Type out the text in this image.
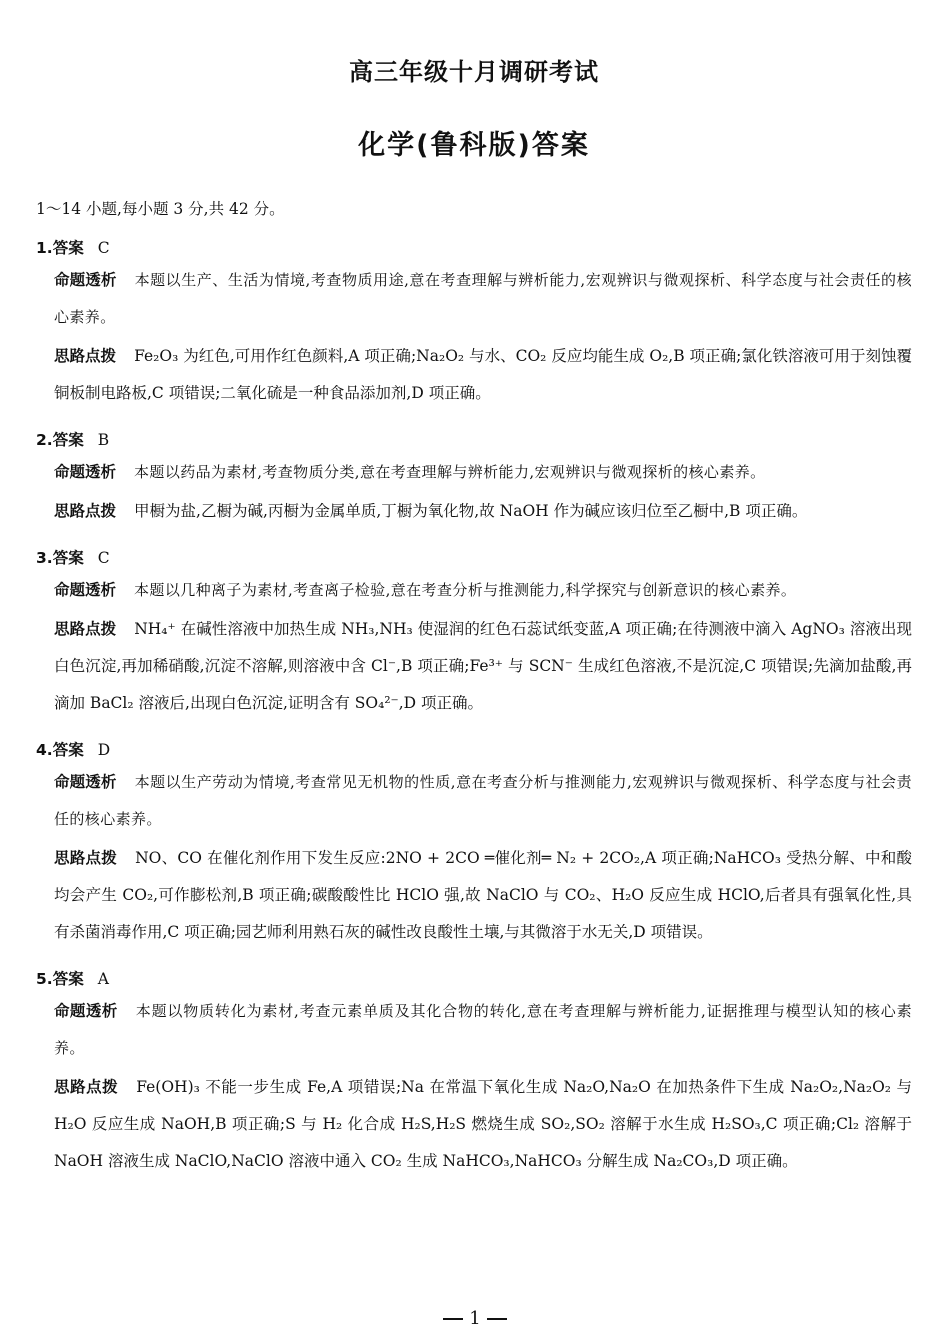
高三年级十月调研考试
化学(鲁科版)答案
1～14 小题,每小题 3 分,共 42 分。
1.答案 C
命题透析 本题以生产、生活为情境,考查物质用途,意在考查理解与辨析能力,宏观辨识与微观探析、科学态度与社会责任的核心素养。
思路点拨 Fe₂O₃ 为红色,可用作红色颜料,A 项正确;Na₂O₂ 与水、CO₂ 反应均能生成 O₂,B 项正确;氯化铁溶液可用于刻蚀覆铜板制电路板,C 项错误;二氧化硫是一种食品添加剂,D 项正确。
2.答案 B
命题透析 本题以药品为素材,考查物质分类,意在考查理解与辨析能力,宏观辨识与微观探析的核心素养。
思路点拨 甲橱为盐,乙橱为碱,丙橱为金属单质,丁橱为氧化物,故 NaOH 作为碱应该归位至乙橱中,B 项正确。
3.答案 C
命题透析 本题以几种离子为素材,考查离子检验,意在考查分析与推测能力,科学探究与创新意识的核心素养。
思路点拨 NH₄⁺ 在碱性溶液中加热生成 NH₃,NH₃ 使湿润的红色石蕊试纸变蓝,A 项正确;在待测液中滴入 AgNO₃ 溶液出现白色沉淀,再加稀硝酸,沉淀不溶解,则溶液中含 Cl⁻,B 项正确;Fe³⁺ 与 SCN⁻ 生成红色溶液,不是沉淀,C 项错误;先滴加盐酸,再滴加 BaCl₂ 溶液后,出现白色沉淀,证明含有 SO₄²⁻,D 项正确。
4.答案 D
命题透析 本题以生产劳动为情境,考查常见无机物的性质,意在考查分析与推测能力,宏观辨识与微观探析、科学态度与社会责任的核心素养。
思路点拨 NO、CO 在催化剂作用下发生反应:2NO + 2CO ═催化剂═ N₂ + 2CO₂,A 项正确;NaHCO₃ 受热分解、中和酸均会产生 CO₂,可作膨松剂,B 项正确;碳酸酸性比 HClO 强,故 NaClO 与 CO₂、H₂O 反应生成 HClO,后者具有强氧化性,具有杀菌消毒作用,C 项正确;园艺师利用熟石灰的碱性改良酸性土壤,与其微溶于水无关,D 项错误。
5.答案 A
命题透析 本题以物质转化为素材,考查元素单质及其化合物的转化,意在考查理解与辨析能力,证据推理与模型认知的核心素养。
思路点拨 Fe(OH)₃ 不能一步生成 Fe,A 项错误;Na 在常温下氧化生成 Na₂O,Na₂O 在加热条件下生成 Na₂O₂,Na₂O₂ 与 H₂O 反应生成 NaOH,B 项正确;S 与 H₂ 化合成 H₂S,H₂S 燃烧生成 SO₂,SO₂ 溶解于水生成 H₂SO₃,C 项正确;Cl₂ 溶解于 NaOH 溶液生成 NaClO,NaClO 溶液中通入 CO₂ 生成 NaHCO₃,NaHCO₃ 分解生成 Na₂CO₃,D 项正确。
1
